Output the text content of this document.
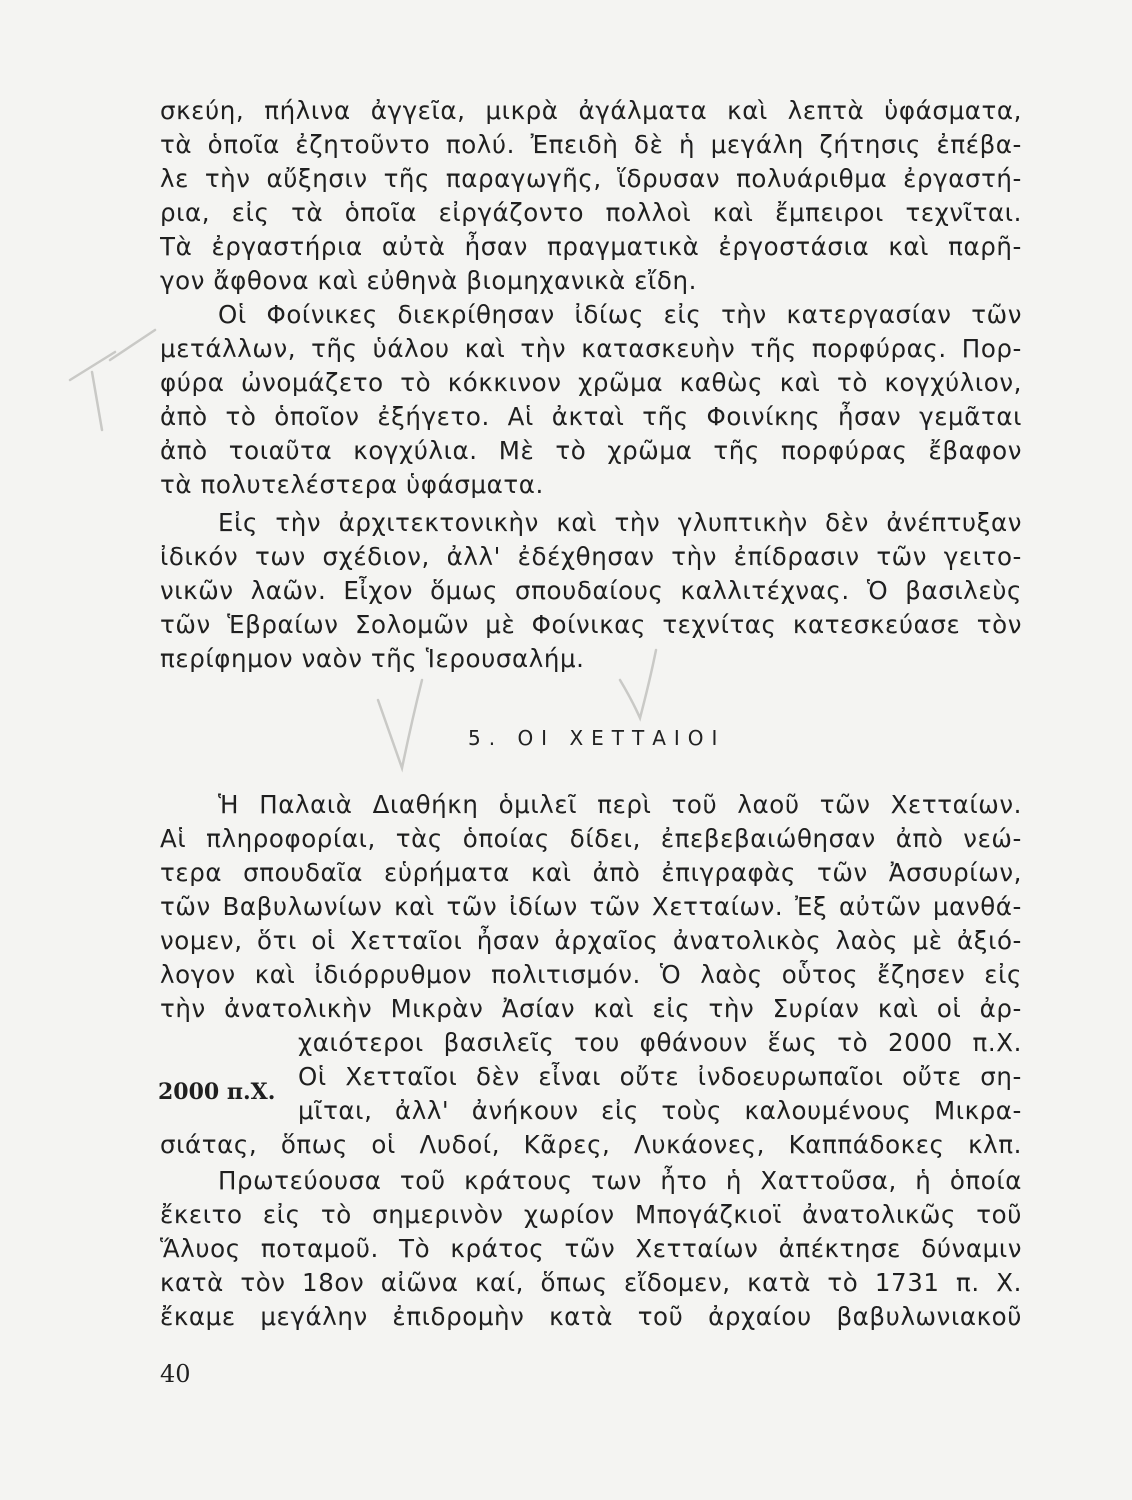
σκεύη, πήλινα ἀγγεῖα, μικρὰ ἀγάλματα καὶ λεπτὰ ὑφάσματα,
τὰ ὁποῖα ἐζητοῦντο πολύ. Ἐπειδὴ δὲ ἡ μεγάλη ζήτησις ἐπέβα-
λε τὴν αὔξησιν τῆς παραγωγῆς, ἵδρυσαν πολυάριθμα ἐργαστή-
ρια, εἰς τὰ ὁποῖα εἰργάζοντο πολλοὶ καὶ ἔμπειροι τεχνῖται.
Τὰ ἐργαστήρια αὐτὰ ἦσαν πραγματικὰ ἐργοστάσια καὶ παρῆ-
γον ἄφθονα καὶ εὐθηνὰ βιομηχανικὰ εἴδη.
Οἱ Φοίνικες διεκρίθησαν ἰδίως εἰς τὴν κατεργασίαν τῶν
μετάλλων, τῆς ὑάλου καὶ τὴν κατασκευὴν τῆς πορφύρας. Πορ-
φύρα ὠνομάζετο τὸ κόκκινον χρῶμα καθὼς καὶ τὸ κογχύλιον,
ἀπὸ τὸ ὁποῖον ἐξήγετο. Αἱ ἀκταὶ τῆς Φοινίκης ἦσαν γεμᾶται
ἀπὸ τοιαῦτα κογχύλια. Μὲ τὸ χρῶμα τῆς πορφύρας ἔβαφον
τὰ πολυτελέστερα ὑφάσματα.
Εἰς τὴν ἀρχιτεκτονικὴν καὶ τὴν γλυπτικὴν δὲν ἀνέπτυξαν
ἰδικόν των σχέδιον, ἀλλ' ἐδέχθησαν τὴν ἐπίδρασιν τῶν γειτο-
νικῶν λαῶν. Εἶχον ὅμως σπουδαίους καλλιτέχνας. Ὁ βασιλεὺς
τῶν Ἑβραίων Σολομῶν μὲ Φοίνικας τεχνίτας κατεσκεύασε τὸν
περίφημον ναὸν τῆς Ἱερουσαλήμ.
5. ΟΙ ΧΕΤΤΑΙΟΙ
Ἡ Παλαιὰ Διαθήκη ὁμιλεῖ περὶ τοῦ λαοῦ τῶν Χετταίων.
Αἱ πληροφορίαι, τὰς ὁποίας δίδει, ἐπεβεβαιώθησαν ἀπὸ νεώ-
τερα σπουδαῖα εὑρήματα καὶ ἀπὸ ἐπιγραφὰς τῶν Ἀσσυρίων,
τῶν Βαβυλωνίων καὶ τῶν ἰδίων τῶν Χετταίων. Ἐξ αὐτῶν μανθά-
νομεν, ὅτι οἱ Χετταῖοι ἦσαν ἀρχαῖος ἀνατολικὸς λαὸς μὲ ἀξιό-
λογον καὶ ἰδιόρρυθμον πολιτισμόν. Ὁ λαὸς οὗτος ἔζησεν εἰς
τὴν ἀνατολικὴν Μικρὰν Ἀσίαν καὶ εἰς τὴν Συρίαν καὶ οἱ ἀρ-
χαιότεροι βασιλεῖς του φθάνουν ἕως τὸ 2000 π.Χ.
Οἱ Χετταῖοι δὲν εἶναι οὔτε ἰνδοευρωπαῖοι οὔτε ση-
μῖται, ἀλλ' ἀνήκουν εἰς τοὺς καλουμένους Μικρα-
σιάτας, ὅπως οἱ Λυδοί, Κᾶρες, Λυκάονες, Καππάδοκες κλπ.
2000 π.Χ.
Πρωτεύουσα τοῦ κράτους των ἦτο ἡ Χαττοῦσα, ἡ ὁποία
ἔκειτο εἰς τὸ σημερινὸν χωρίον Μπογάζκιοϊ ἀνατολικῶς τοῦ
Ἅλυος ποταμοῦ. Τὸ κράτος τῶν Χετταίων ἀπέκτησε δύναμιν
κατὰ τὸν 18ον αἰῶνα καί, ὅπως εἴδομεν, κατὰ τὸ 1731 π. Χ.
ἔκαμε μεγάλην ἐπιδρομὴν κατὰ τοῦ ἀρχαίου βαβυλωνιακοῦ
40
